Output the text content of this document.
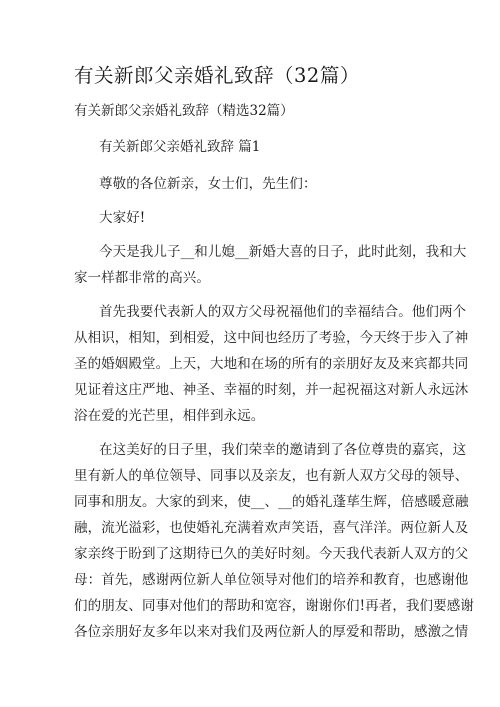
有关新郎父亲婚礼致辞（32篇）
有关新郎父亲婚礼致辞（精选32篇）
有关新郎父亲婚礼致辞 篇1
尊敬的各位新亲，女士们，先生们：
大家好!
今天是我儿子__和儿媳__新婚大喜的日子，此时此刻，我和大
家一样都非常的高兴。
首先我要代表新人的双方父母祝福他们的幸福结合。他们两个
从相识，相知，到相爱，这中间也经历了考验，今天终于步入了神
圣的婚姻殿堂。上天，大地和在场的所有的亲朋好友及来宾都共同
见证着这庄严地、神圣、幸福的时刻，并一起祝福这对新人永远沐
浴在爱的光芒里，相伴到永远。
在这美好的日子里，我们荣幸的邀请到了各位尊贵的嘉宾，这
里有新人的单位领导、同事以及亲友，也有新人双方父母的领导、
同事和朋友。大家的到来，使__、__的婚礼蓬荜生辉，倍感暖意融
融，流光溢彩，也使婚礼充满着欢声笑语，喜气洋洋。两位新人及
家亲终于盼到了这期待已久的美好时刻。今天我代表新人双方的父
母：首先，感谢两位新人单位领导对他们的培养和教育，也感谢他
们的朋友、同事对他们的帮助和宽容，谢谢你们!再者，我们要感谢
各位亲朋好友多年以来对我们及两位新人的厚爱和帮助，感激之情
